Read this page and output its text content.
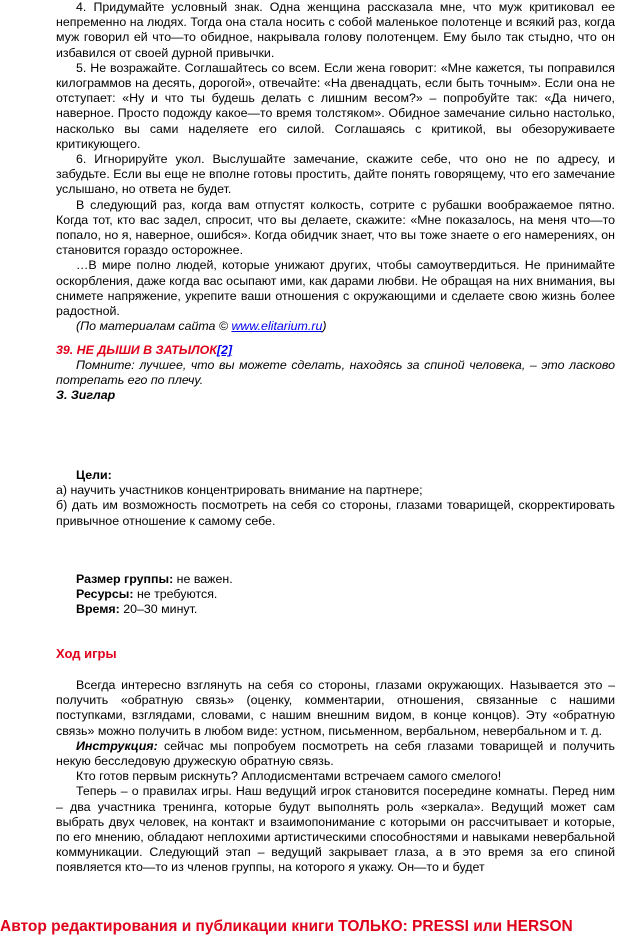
4. Придумайте условный знак. Одна женщина рассказала мне, что муж критиковал ее непременно на людях. Тогда она стала носить с собой маленькое полотенце и всякий раз, когда муж говорил ей что—то обидное, накрывала голову полотенцем. Ему было так стыдно, что он избавился от своей дурной привычки.

5. Не возражайте. Соглашайтесь со всем. Если жена говорит: «Мне кажется, ты поправился килограммов на десять, дорогой», отвечайте: «На двенадцать, если быть точным». Если она не отступает: «Ну и что ты будешь делать с лишним весом?» – попробуйте так: «Да ничего, наверное. Просто подожду какое—то время толстяком». Обидное замечание сильно настолько, насколько вы сами наделяете его силой. Соглашаясь с критикой, вы обезоруживаете критикующего.

6. Игнорируйте укол. Выслушайте замечание, скажите себе, что оно не по адресу, и забудьте. Если вы еще не вполне готовы простить, дайте понять говорящему, что его замечание услышано, но ответа не будет.

В следующий раз, когда вам отпустят колкость, сотрите с рубашки воображаемое пятно. Когда тот, кто вас задел, спросит, что вы делаете, скажите: «Мне показалось, на меня что—то попало, но я, наверное, ошибся». Когда обидчик знает, что вы тоже знаете о его намерениях, он становится гораздо осторожнее.

…В мире полно людей, которые унижают других, чтобы самоутвердиться. Не принимайте оскорбления, даже когда вас осыпают ими, как дарами любви. Не обращая на них внимания, вы снимете напряжение, укрепите ваши отношения с окружающими и сделаете свою жизнь более радостной.

(По материалам сайта © www.elitarium.ru)

39. НЕ ДЫШИ В ЗАТЫЛОК[2]

Помните: лучшее, что вы можете сделать, находясь за спиной человека, – это ласково потрепать его по плечу.

З. Зиглар

Цели:

а) научить участников концентрировать внимание на партнере;

б) дать им возможность посмотреть на себя со стороны, глазами товарищей, скорректировать привычное отношение к самому себе.

Размер группы: не важен.

Ресурсы: не требуются.

Время: 20–30 минут.

Ход игры

Всегда интересно взглянуть на себя со стороны, глазами окружающих. Называется это – получить «обратную связь» (оценку, комментарии, отношения, связанные с нашими поступками, взглядами, словами, с нашим внешним видом, в конце концов). Эту «обратную связь» можно получить в любом виде: устном, письменном, вербальном, невербальном и т. д.

Инструкция: сейчас мы попробуем посмотреть на себя глазами товарищей и получить некую бесследовую дружескую обратную связь.

Кто готов первым рискнуть? Аплодисментами встречаем самого смелого!

Теперь – о правилах игры. Наш ведущий игрок становится посередине комнаты. Перед ним – два участника тренинга, которые будут выполнять роль «зеркала». Ведущий может сам выбрать двух человек, на контакт и взаимопонимание с которыми он рассчитывает и которые, по его мнению, обладают неплохими артистическими способностями и навыками невербальной коммуникации. Следующий этап – ведущий закрывает глаза, а в это время за его спиной появляется кто—то из членов группы, на которого я укажу. Он—то и будет

Автор редактирования и публикации книги ТОЛЬКО: PRESSI или HERSON
